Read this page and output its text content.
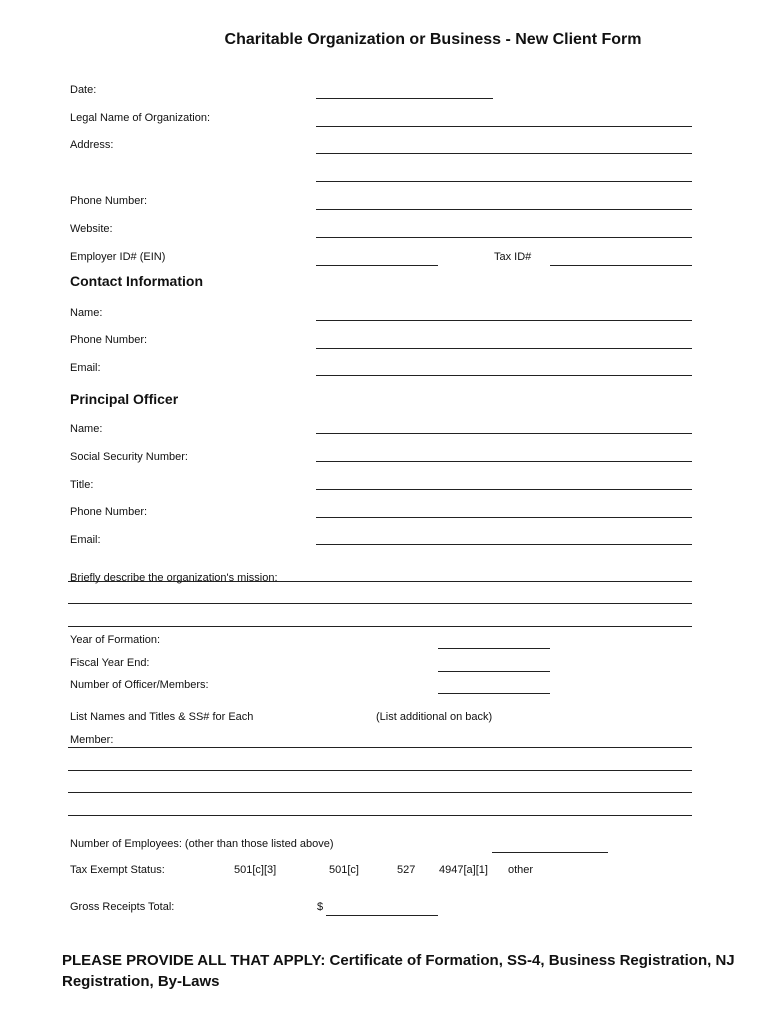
Charitable Organization or Business - New Client Form
Date:
Legal Name of Organization:
Address:
Phone Number:
Website:
Employer ID# (EIN)	Tax ID#
Contact Information
Name:
Phone Number:
Email:
Principal Officer
Name:
Social Security Number:
Title:
Phone Number:
Email:
Briefly describe the organization's mission:
Year of Formation:
Fiscal Year End:
Number of Officer/Members:
List Names and Titles & SS# for Each	(List additional on back)
Member:
Number of Employees: (other than those listed above)
Tax Exempt Status:	501[c][3]	501[c]	527 4947[a][1] other
Gross Receipts Total:	$
PLEASE PROVIDE ALL THAT APPLY: Certificate of Formation, SS-4, Business Registration, NJ Registration, By-Laws
